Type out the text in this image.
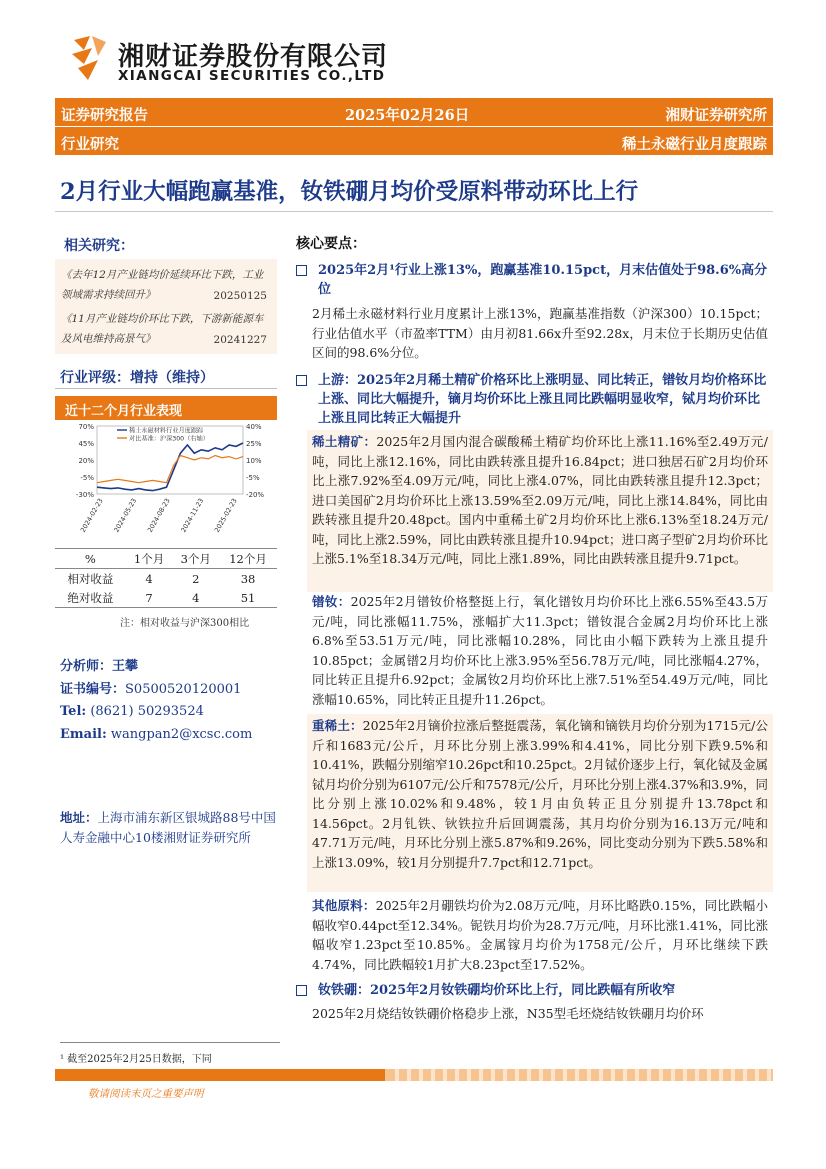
湘财证券股份有限公司
XIANGCAI SECURITIES CO.,LTD
证券研究报告	2025年02月26日	湘财证券研究所
行业研究	稀土永磁行业月度跟踪
2月行业大幅跑赢基准，钕铁硼月均价受原料带动环比上行
相关研究：
《去年12月产业链均价延续环比下跌，工业
领域需求持续回升》	20250125
《11月产业链均价环比下跌，下游新能源车
及风电维持高景气》	20241227
行业评级：增持（维持）
近十二个月行业表现
70%
45%
20%
-5%
-30%
40%
25%
10%
-5%
-20%
2024-02-23 2024-05-23 2024-08-23 2024-11-23 2025-02-23
稀土永磁材料行业月度跟踪
对比基准：沪深300（右轴）
%	1个月	3个月	12个月
相对收益	4	2	38
绝对收益	7	4	51
注：相对收益与沪深300相比
分析师：王攀
证书编号：S0500520120001
Tel: (8621) 50293524
Email: wangpan2@xcsc.com
地址：上海市浦东新区银城路88号中国人寿金融中心10楼湘财证券研究所
核心要点：
2025年2月¹行业上涨13%，跑赢基准10.15pct，月末估值处于98.6%高分位
2月稀土永磁材料行业月度累计上涨13%，跑赢基准指数（沪深300）10.15pct；行业估值水平（市盈率TTM）由月初81.66x升至92.28x，月末位于长期历史估值区间的98.6%分位。
上游：2025年2月稀土精矿价格环比上涨明显、同比转正，镨钕月均价格环比上涨、同比大幅提升，镝月均价环比上涨且同比跌幅明显收窄，铽月均价环比上涨且同比转正大幅提升
稀土精矿：2025年2月国内混合碳酸稀土精矿均价环比上涨11.16%至2.49万元/吨，同比上涨12.16%，同比由跌转涨且提升16.84pct；进口独居石矿2月均价环比上涨7.92%至4.09万元/吨，同比上涨4.07%，同比由跌转涨且提升12.3pct；进口美国矿2月均价环比上涨13.59%至2.09万元/吨，同比上涨14.84%，同比由跌转涨且提升20.48pct。国内中重稀土矿2月均价环比上涨6.13%至18.24万元/吨，同比上涨2.59%，同比由跌转涨且提升10.94pct；进口离子型矿2月均价环比上涨5.1%至18.34万元/吨，同比上涨1.89%，同比由跌转涨且提升9.71pct。
镨钕：2025年2月镨钕价格整挺上行，氧化镨钕月均价环比上涨6.55%至43.5万元/吨，同比涨幅11.75%，涨幅扩大11.3pct；镨钕混合金属2月均价环比上涨6.8%至53.51万元/吨，同比涨幅10.28%，同比由小幅下跌转为上涨且提升10.85pct；金属镨2月均价环比上涨3.95%至56.78万元/吨，同比涨幅4.27%，同比转正且提升6.92pct；金属钕2月均价环比上涨7.51%至54.49万元/吨，同比涨幅10.65%，同比转正且提升11.26pct。
重稀土：2025年2月镝价拉涨后整挺震荡，氧化镝和镝铁月均价分别为1715元/公斤和1683元/公斤，月环比分别上涨3.99%和4.41%，同比分别下跌9.5%和10.41%，跌幅分别缩窄10.26pct和10.25pct。2月铽价逐步上行，氧化铽及金属铽月均价分别为6107元/公斤和7578元/公斤，月环比分别上涨4.37%和3.9%，同比分别上涨10.02%和9.48%，较1月由负转正且分别提升13.78pct和14.56pct。2月钆铁、钬铁拉升后回调震荡，其月均价分别为16.13万元/吨和47.71万元/吨，月环比分别上涨5.87%和9.26%，同比变动分别为下跌5.58%和上涨13.09%，较1月分别提升7.7pct和12.71pct。
其他原料：2025年2月硼铁均价为2.08万元/吨，月环比略跌0.15%，同比跌幅小幅收窄0.44pct至12.34%。铌铁月均价为28.7万元/吨，月环比涨1.41%，同比涨幅收窄1.23pct至10.85%。金属镓月均价为1758元/公斤，月环比继续下跌4.74%，同比跌幅较1月扩大8.23pct至17.52%。
钕铁硼：2025年2月钕铁硼均价环比上行，同比跌幅有所收窄
2025年2月烧结钕铁硼价格稳步上涨，N35型毛坯烧结钕铁硼月均价环
¹ 截至2025年2月25日数据，下同
敬请阅读末页之重要声明
